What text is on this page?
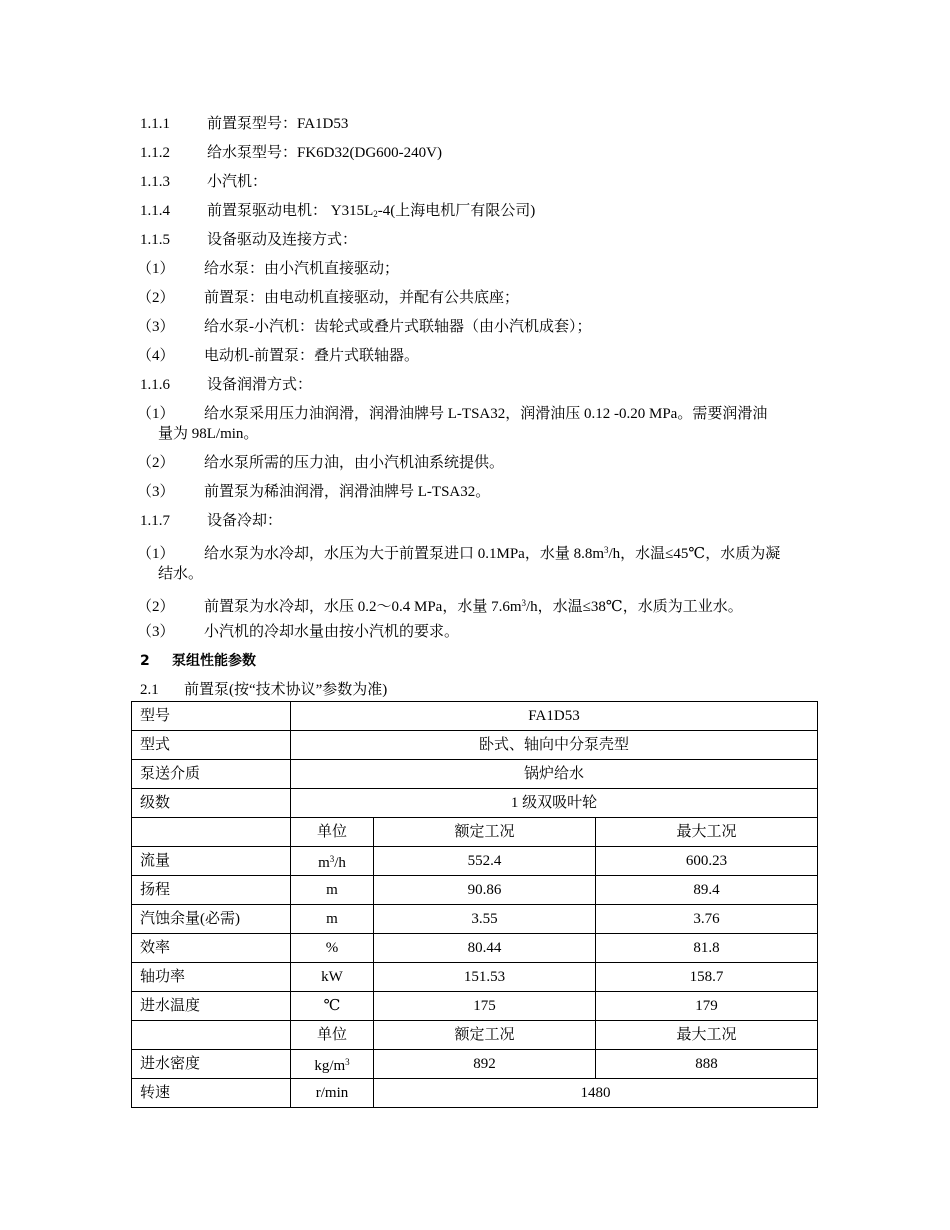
1.1.1 前置泵型号：FA1D53
1.1.2 给水泵型号：FK6D32(DG600-240V)
1.1.3 小汽机：
1.1.4 前置泵驱动电机： $Y315L_2-4$(上海电机厂有限公司)
1.1.5 设备驱动及连接方式：
（1） 给水泵：由小汽机直接驱动；
（2） 前置泵：由电动机直接驱动，并配有公共底座；
（3） 给水泵-小汽机：齿轮式或叠片式联轴器（由小汽机成套）；
（4） 电动机-前置泵：叠片式联轴器。
1.1.6 设备润滑方式：
（1） 给水泵采用压力油润滑，润滑油牌号 L-TSA32，润滑油压 0.12 -0.20 MPa。需要润滑油
量为 98L/min。
（2） 给水泵所需的压力油，由小汽机油系统提供。
（3） 前置泵为稀油润滑，润滑油牌号 L-TSA32。
1.1.7 设备冷却：
（1） 给水泵为水冷却，水压为大于前置泵进口 0.1MPa，水量 $8.8m^3/h$，水温≤45℃，水质为凝
结水。
（2） 前置泵为水冷却，水压 0.2～0.4 MPa，水量 $7.6m^3/h$，水温≤38℃，水质为工业水。
（3） 小汽机的冷却水量由按小汽机的要求。
2 泵组性能参数
2.1 前置泵(按“技术协议”参数为准)
型号	FA1D53		
型式	卧式、轴向中分泵壳型		
泵送介质	锅炉给水		
级数	1 级双吸叶轮		
	单位	额定工况	最大工况
流量	$m^3/h$	552.4	600.23
扬程	m	90.86	89.4
汽蚀余量(必需)	m	3.55	3.76
效率	%	80.44	81.8
轴功率	kW	151.53	158.7
进水温度	℃	175	179
	单位	额定工况	最大工况
进水密度	$kg/m^3$	892	888
转速	r/min	1480	
